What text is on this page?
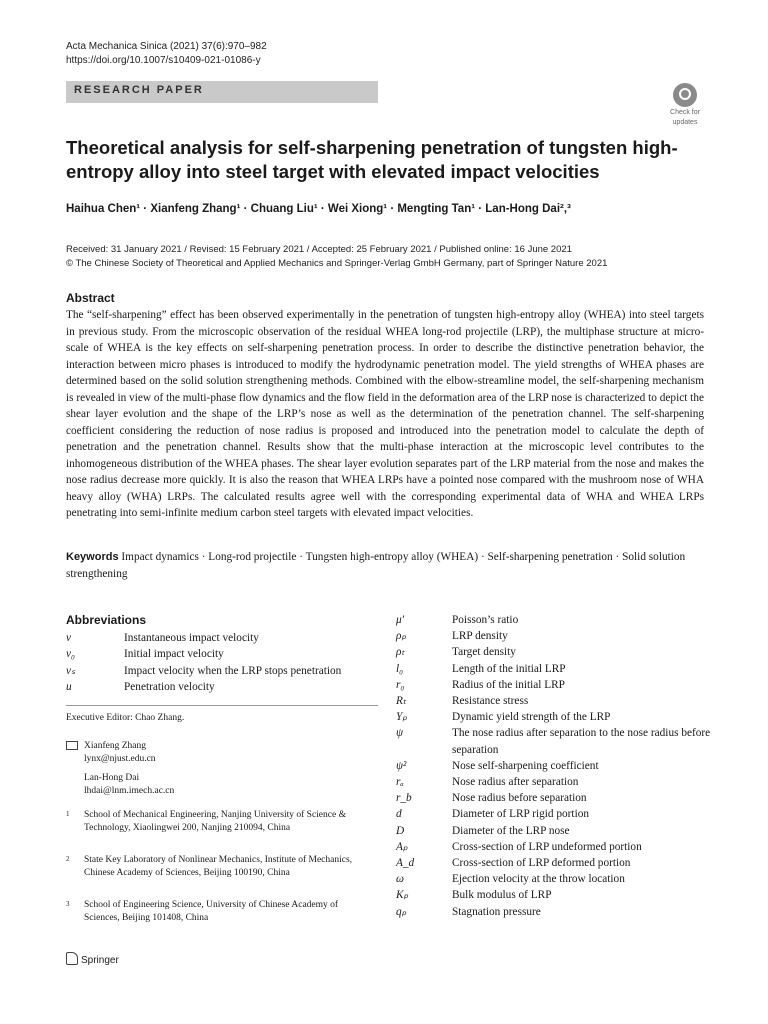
Acta Mechanica Sinica (2021) 37(6):970–982
https://doi.org/10.1007/s10409-021-01086-y
RESEARCH PAPER
Check for
updates
Theoretical analysis for self-sharpening penetration of tungsten high-entropy alloy into steel target with elevated impact velocities
Haihua Chen¹ · Xianfeng Zhang¹ · Chuang Liu¹ · Wei Xiong¹ · Mengting Tan¹ · Lan-Hong Dai²,³
Received: 31 January 2021 / Revised: 15 February 2021 / Accepted: 25 February 2021 / Published online: 16 June 2021
© The Chinese Society of Theoretical and Applied Mechanics and Springer-Verlag GmbH Germany, part of Springer Nature 2021
Abstract
The “self-sharpening” effect has been observed experimentally in the penetration of tungsten high-entropy alloy (WHEA) into steel targets in previous study. From the microscopic observation of the residual WHEA long-rod projectile (LRP), the multiphase structure at micro-scale of WHEA is the key effects on self-sharpening penetration process. In order to describe the distinctive penetration behavior, the interaction between micro phases is introduced to modify the hydrodynamic penetration model. The yield strengths of WHEA phases are determined based on the solid solution strengthening methods. Combined with the elbow-streamline model, the self-sharpening mechanism is revealed in view of the multi-phase flow dynamics and the flow field in the deformation area of the LRP nose is characterized to depict the shear layer evolution and the shape of the LRP’s nose as well as the determination of the penetration channel. The self-sharpening coefficient considering the reduction of nose radius is proposed and introduced into the penetration model to calculate the depth of penetration and the penetration channel. Results show that the multi-phase interaction at the microscopic level contributes to the inhomogeneous distribution of the WHEA phases. The shear layer evolution separates part of the LRP material from the nose and makes the nose radius decrease more quickly. It is also the reason that WHEA LRPs have a pointed nose compared with the mushroom nose of WHA heavy alloy (WHA) LRPs. The calculated results agree well with the corresponding experimental data of WHA and WHEA LRPs penetrating into semi-infinite medium carbon steel targets with elevated impact velocities.
Keywords Impact dynamics · Long-rod projectile · Tungsten high-entropy alloy (WHEA) · Self-sharpening penetration · Solid solution strengthening
Abbreviations
v	Instantaneous impact velocity
v₀	Initial impact velocity
vₛ	Impact velocity when the LRP stops penetration
u	Penetration velocity
Executive Editor: Chao Zhang.
Xianfeng Zhang
lynx@njust.edu.cn
Lan-Hong Dai
lhdai@lnm.imech.ac.cn
1	School of Mechanical Engineering, Nanjing University of Science & Technology, Xiaolingwei 200, Nanjing 210094, China
2	State Key Laboratory of Nonlinear Mechanics, Institute of Mechanics, Chinese Academy of Sciences, Beijing 100190, China
3	School of Engineering Science, University of Chinese Academy of Sciences, Beijing 101408, China
Springer
μ′	Poisson’s ratio
ρₚ	LRP density
ρₜ	Target density
l₀	Length of the initial LRP
r₀	Radius of the initial LRP
Rₜ	Resistance stress
Yₚ	Dynamic yield strength of the LRP
ψ	The nose radius after separation to the nose radius before separation
ψ²	Nose self-sharpening coefficient
rₐ	Nose radius after separation
r_b	Nose radius before separation
d	Diameter of LRP rigid portion
D	Diameter of the LRP nose
Aₚ	Cross-section of LRP undeformed portion
A_d	Cross-section of LRP deformed portion
ω	Ejection velocity at the throw location
Kₚ	Bulk modulus of LRP
qₚ	Stagnation pressure
